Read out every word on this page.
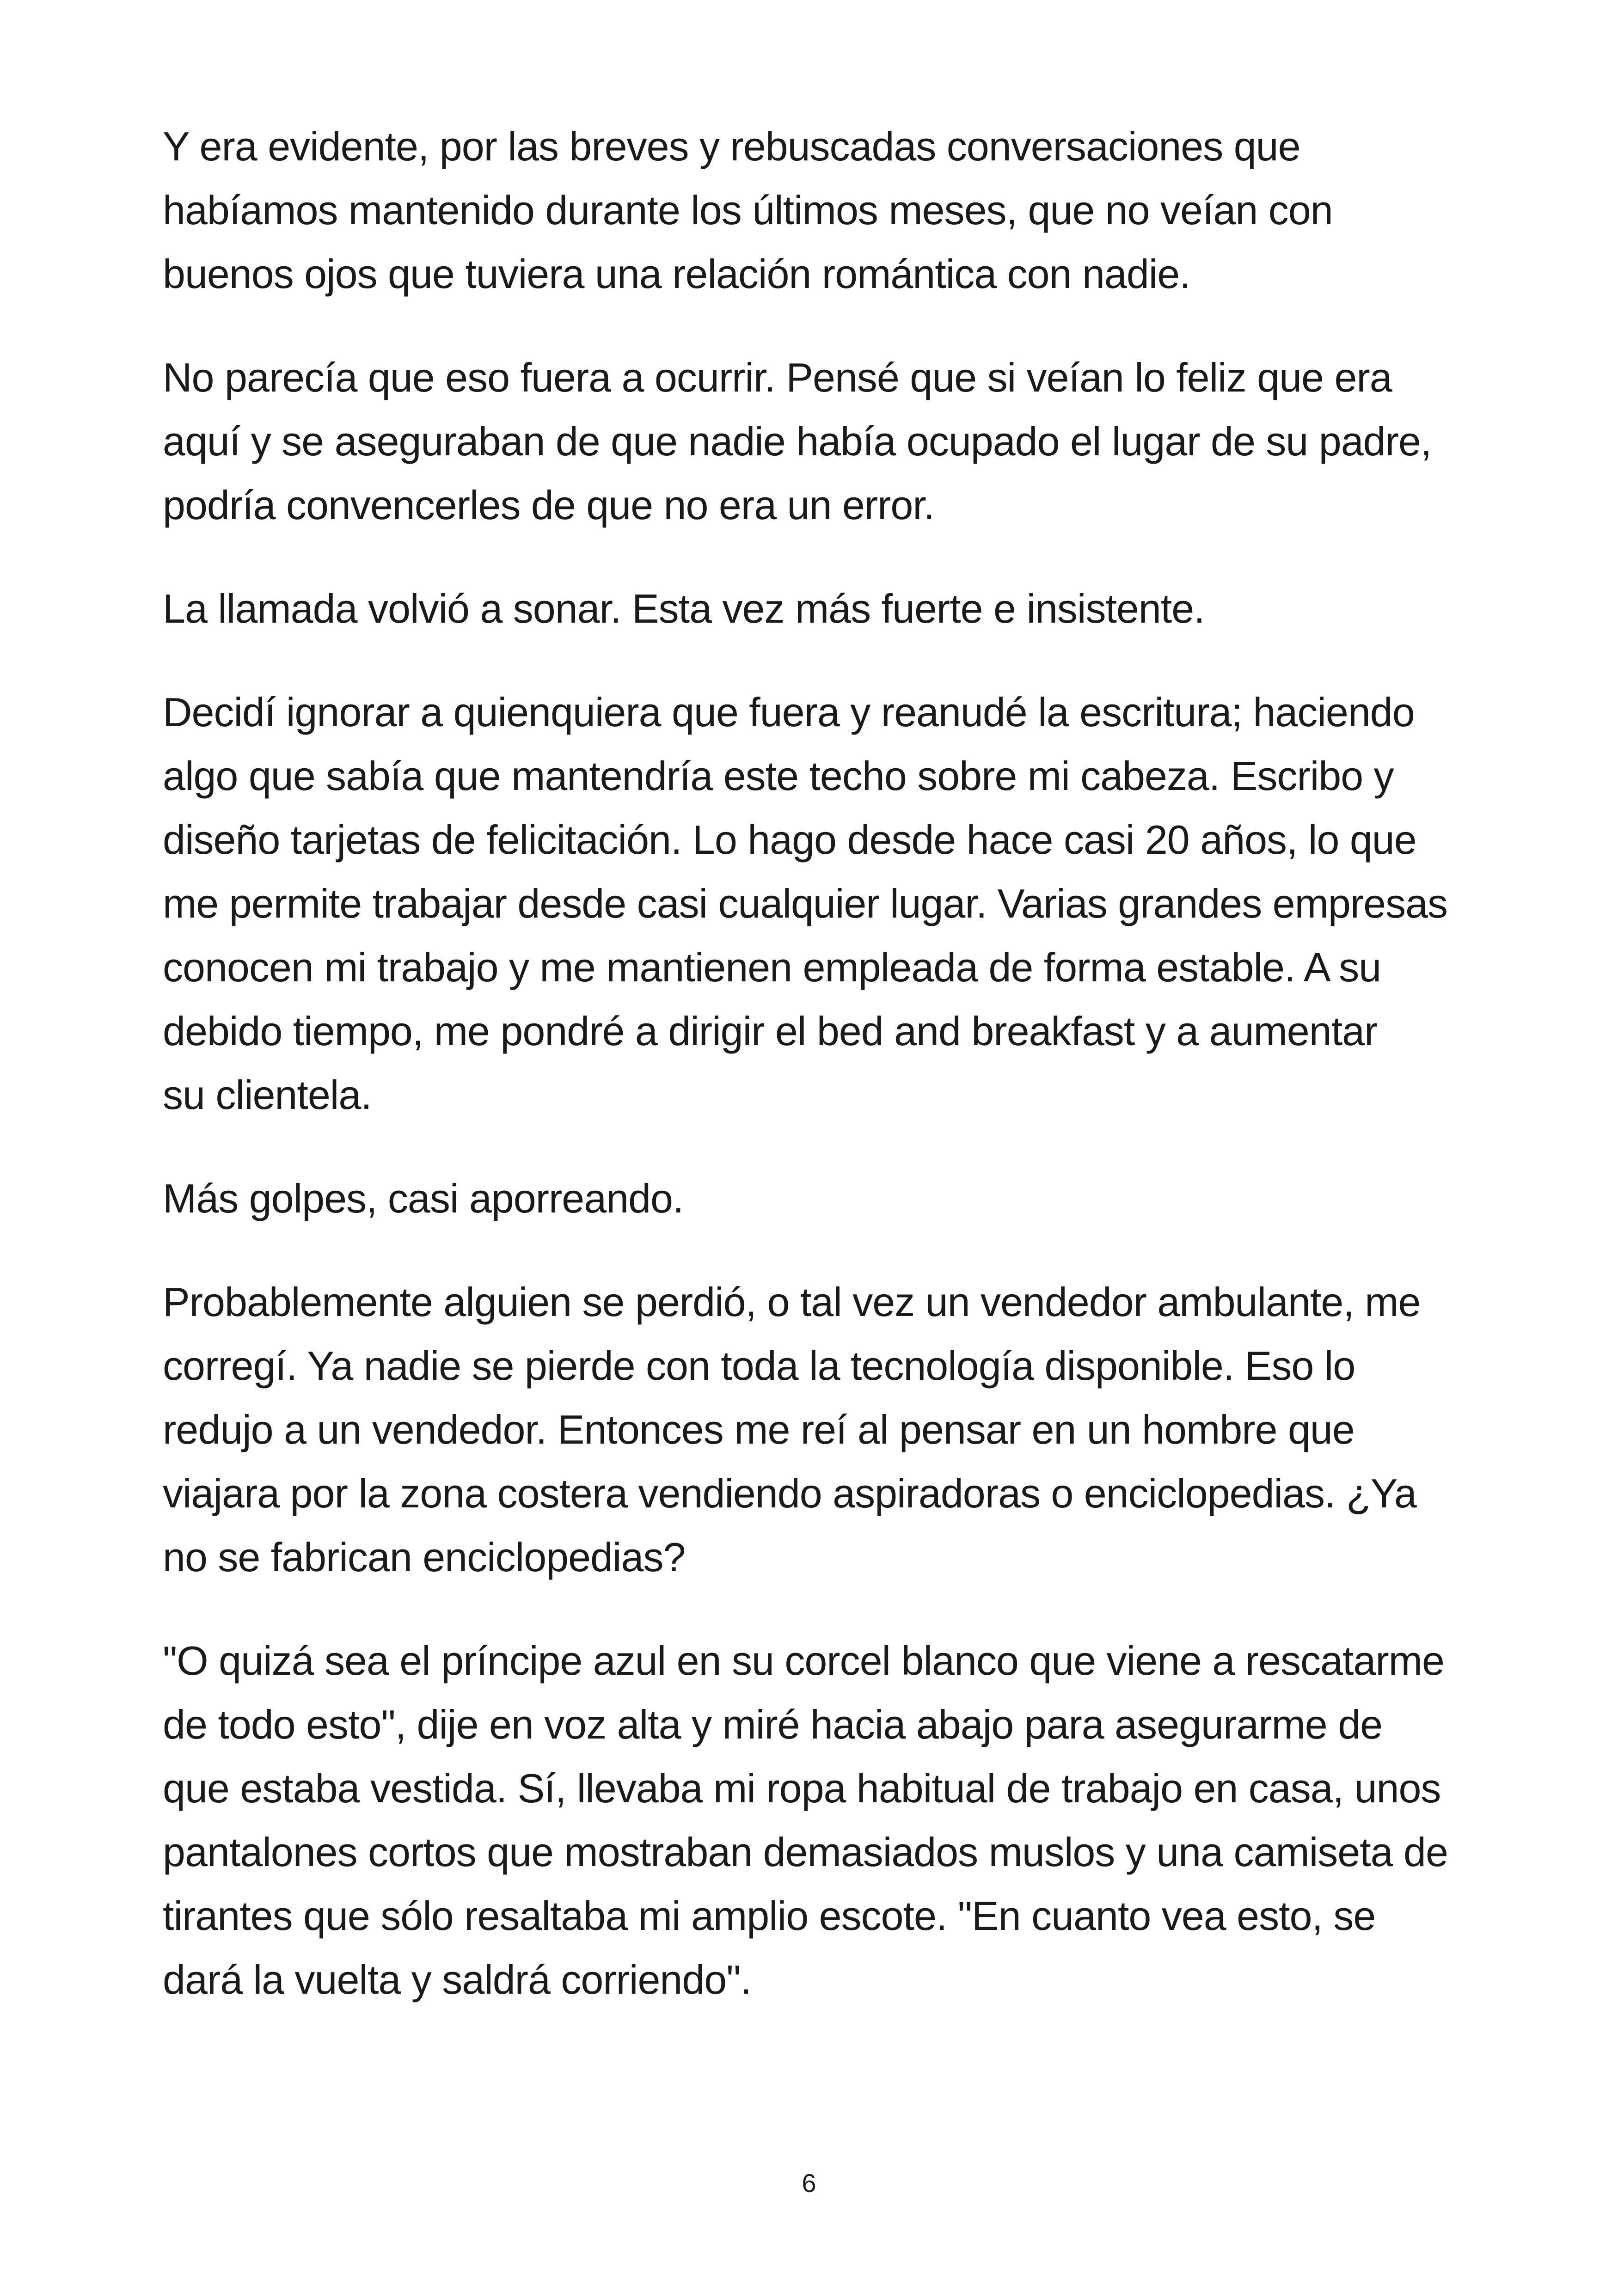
Y era evidente, por las breves y rebuscadas conversaciones que
habíamos mantenido durante los últimos meses, que no veían con
buenos ojos que tuviera una relación romántica con nadie.

No parecía que eso fuera a ocurrir. Pensé que si veían lo feliz que era
aquí y se aseguraban de que nadie había ocupado el lugar de su padre,
podría convencerles de que no era un error.

La llamada volvió a sonar. Esta vez más fuerte e insistente.

Decidí ignorar a quienquiera que fuera y reanudé la escritura; haciendo
algo que sabía que mantendría este techo sobre mi cabeza. Escribo y
diseño tarjetas de felicitación. Lo hago desde hace casi 20 años, lo que
me permite trabajar desde casi cualquier lugar. Varias grandes empresas
conocen mi trabajo y me mantienen empleada de forma estable. A su
debido tiempo, me pondré a dirigir el bed and breakfast y a aumentar
su clientela.

Más golpes, casi aporreando.

Probablemente alguien se perdió, o tal vez un vendedor ambulante, me
corregí. Ya nadie se pierde con toda la tecnología disponible. Eso lo
redujo a un vendedor. Entonces me reí al pensar en un hombre que
viajara por la zona costera vendiendo aspiradoras o enciclopedias. ¿Ya
no se fabrican enciclopedias?

"O quizá sea el príncipe azul en su corcel blanco que viene a rescatarme
de todo esto", dije en voz alta y miré hacia abajo para asegurarme de
que estaba vestida. Sí, llevaba mi ropa habitual de trabajo en casa, unos
pantalones cortos que mostraban demasiados muslos y una camiseta de
tirantes que sólo resaltaba mi amplio escote. "En cuanto vea esto, se
dará la vuelta y saldrá corriendo".

6
